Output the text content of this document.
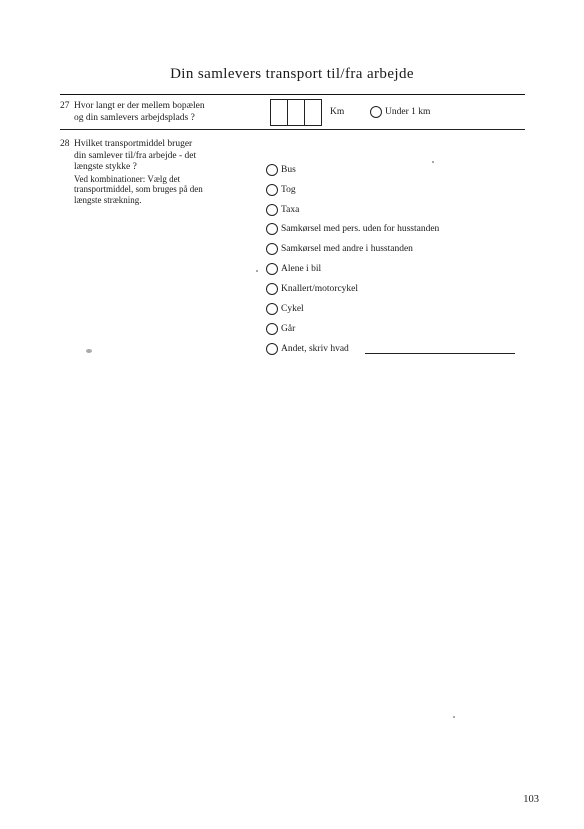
Din samlevers transport til/fra arbejde
27 Hvor langt er der mellem bopælen
og din samlevers arbejdsplads ?
Km	Under 1 km
28 Hvilket transportmiddel bruger
din samlever til/fra arbejde - det
længste stykke ?
Ved kombinationer: Vælg det
transportmiddel, som bruges på den
længste strækning.
Bus
Tog
Taxa
Samkørsel med pers. uden for husstanden
Samkørsel med andre i husstanden
Alene i bil
Knallert/motorcykel
Cykel
Går
Andet, skriv hvad
103
